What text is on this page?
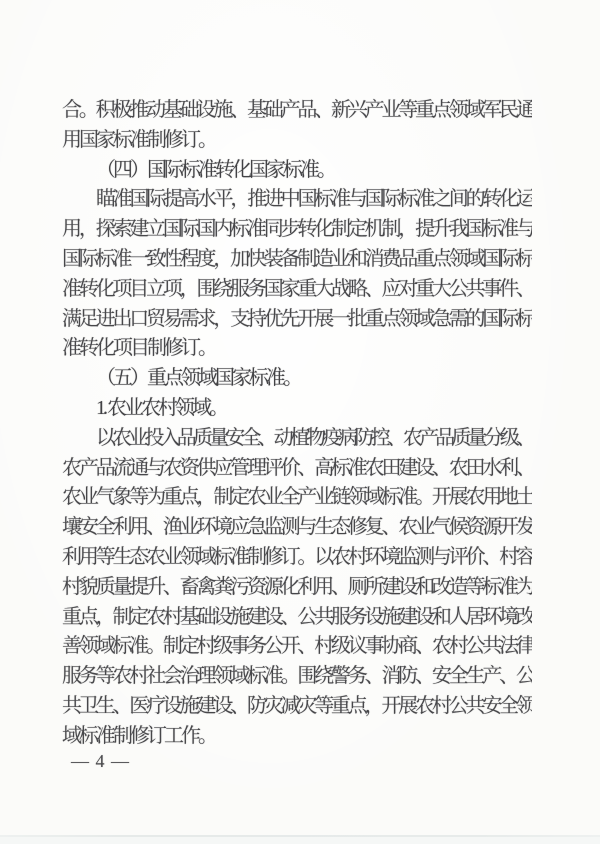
合。积极推动基础设施、基础产品、新兴产业等重点领域军民通
用国家标准制修订。
（四）国际标准转化国家标准。
瞄准国际提高水平，推进中国标准与国际标准之间的转化运
用，探索建立国际国内标准同步转化制定机制，提升我国标准与
国际标准一致性程度，加快装备制造业和消费品重点领域国际标
准转化项目立项，围绕服务国家重大战略、应对重大公共事件、
满足进出口贸易需求，支持优先开展一批重点领域急需的国际标
准转化项目制修订。
（五）重点领域国家标准。
1. 农业农村领域。
以农业投入品质量安全、动植物疫病防控、农产品质量分级、
农产品流通与农资供应管理评价、高标准农田建设、农田水利、
农业气象等为重点，制定农业全产业链领域标准。开展农用地土
壤安全利用、渔业环境应急监测与生态修复、农业气候资源开发
利用等生态农业领域标准制修订。以农村环境监测与评价、村容
村貌质量提升、畜禽粪污资源化利用、厕所建设和改造等标准为
重点，制定农村基础设施建设、公共服务设施建设和人居环境改
善领域标准。制定村级事务公开、村级议事协商、农村公共法律
服务等农村社会治理领域标准。围绕警务、消防、安全生产、公
共卫生、医疗设施建设、防灾减灾等重点，开展农村公共安全领
域标准制修订工作。
— 4 —
